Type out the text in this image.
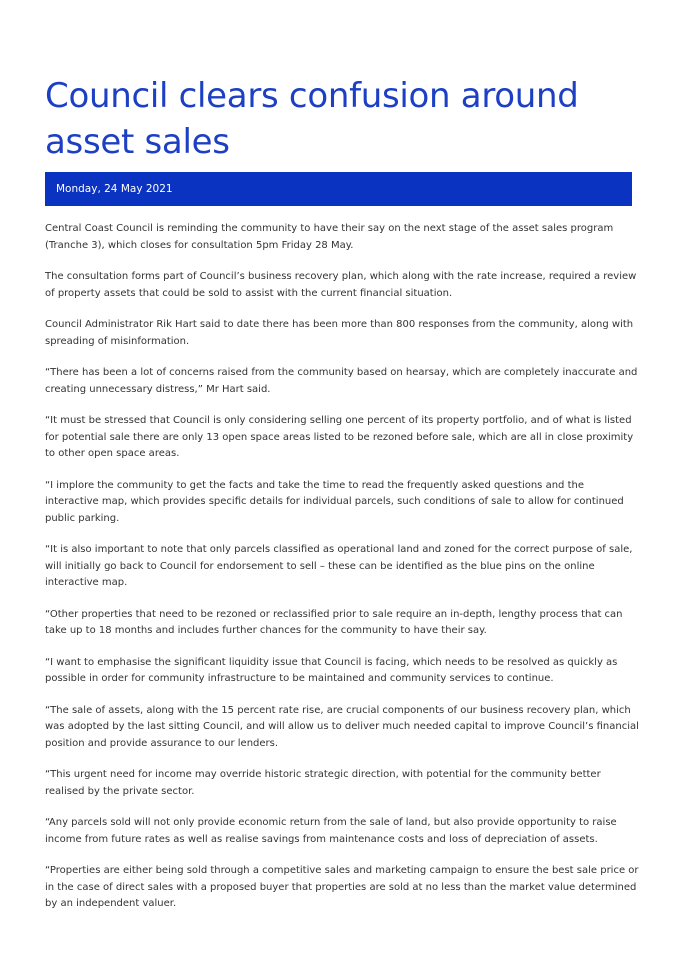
Council clears confusion around asset sales
Monday, 24 May 2021

Central Coast Council is reminding the community to have their say on the next stage of the asset sales program (Tranche 3), which closes for consultation 5pm Friday 28 May.

The consultation forms part of Council’s business recovery plan, which along with the rate increase, required a review of property assets that could be sold to assist with the current financial situation.

Council Administrator Rik Hart said to date there has been more than 800 responses from the community, along with spreading of misinformation.

“There has been a lot of concerns raised from the community based on hearsay, which are completely inaccurate and creating unnecessary distress,” Mr Hart said.

“It must be stressed that Council is only considering selling one percent of its property portfolio, and of what is listed for potential sale there are only 13 open space areas listed to be rezoned before sale, which are all in close proximity to other open space areas.

“I implore the community to get the facts and take the time to read the frequently asked questions and the interactive map, which provides specific details for individual parcels, such conditions of sale to allow for continued public parking.

“It is also important to note that only parcels classified as operational land and zoned for the correct purpose of sale, will initially go back to Council for endorsement to sell – these can be identified as the blue pins on the online interactive map.

“Other properties that need to be rezoned or reclassified prior to sale require an in-depth, lengthy process that can take up to 18 months and includes further chances for the community to have their say.

“I want to emphasise the significant liquidity issue that Council is facing, which needs to be resolved as quickly as possible in order for community infrastructure to be maintained and community services to continue.

“The sale of assets, along with the 15 percent rate rise, are crucial components of our business recovery plan, which was adopted by the last sitting Council, and will allow us to deliver much needed capital to improve Council’s financial position and provide assurance to our lenders.

“This urgent need for income may override historic strategic direction, with potential for the community better realised by the private sector.

“Any parcels sold will not only provide economic return from the sale of land, but also provide opportunity to raise income from future rates as well as realise savings from maintenance costs and loss of depreciation of assets.

“Properties are either being sold through a competitive sales and marketing campaign to ensure the best sale price or in the case of direct sales with a proposed buyer that properties are sold at no less than the market value determined by an independent valuer.
